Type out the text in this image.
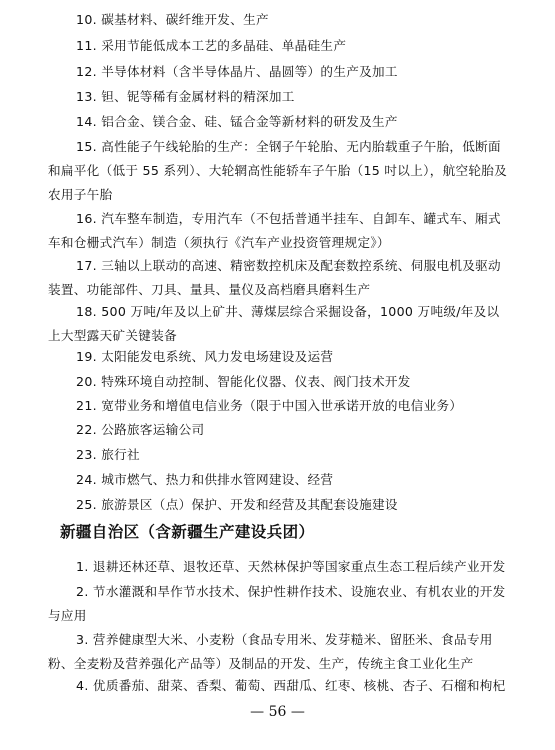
10. 碳基材料、碳纤维开发、生产

11. 采用节能低成本工艺的多晶硅、单晶硅生产

12. 半导体材料（含半导体晶片、晶圆等）的生产及加工

13. 钽、铌等稀有金属材料的精深加工

14. 铝合金、镁合金、硅、锰合金等新材料的研发及生产

15. 高性能子午线轮胎的生产：全钢子午轮胎、无内胎载重子午胎，低断面和扁平化（低于 55 系列）、大轮辋高性能轿车子午胎（15 吋以上），航空轮胎及农用子午胎

16. 汽车整车制造，专用汽车（不包括普通半挂车、自卸车、罐式车、厢式车和仓栅式汽车）制造（须执行《汽车产业投资管理规定》）

17. 三轴以上联动的高速、精密数控机床及配套数控系统、伺服电机及驱动装置、功能部件、刀具、量具、量仪及高档磨具磨料生产

18. 500 万吨/年及以上矿井、薄煤层综合采掘设备，1000 万吨级/年及以上大型露天矿关键装备

19. 太阳能发电系统、风力发电场建设及运营

20. 特殊环境自动控制、智能化仪器、仪表、阀门技术开发

21. 宽带业务和增值电信业务（限于中国入世承诺开放的电信业务）

22. 公路旅客运输公司

23. 旅行社

24. 城市燃气、热力和供排水管网建设、经营

25. 旅游景区（点）保护、开发和经营及其配套设施建设

新疆自治区（含新疆生产建设兵团）

1. 退耕还林还草、退牧还草、天然林保护等国家重点生态工程后续产业开发

2. 节水灌溉和旱作节水技术、保护性耕作技术、设施农业、有机农业的开发与应用

3. 营养健康型大米、小麦粉（食品专用米、发芽糙米、留胚米、食品专用粉、全麦粉及营养强化产品等）及制品的开发、生产，传统主食工业化生产

4. 优质番茄、甜菜、香梨、葡萄、西甜瓜、红枣、核桃、杏子、石榴和枸杞

— 56 —
